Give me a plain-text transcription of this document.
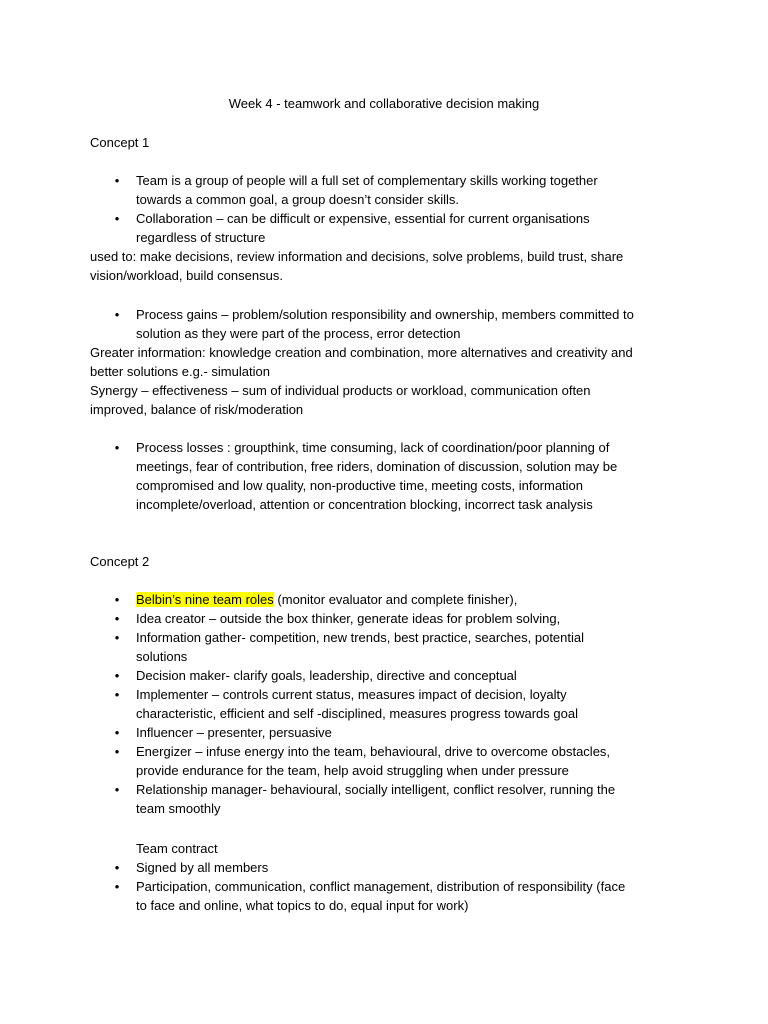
Week 4 - teamwork and collaborative decision making
Concept 1
• Team is a group of people will a full set of complementary skills working together
towards a common goal, a group doesn’t consider skills.
• Collaboration – can be difficult or expensive, essential for current organisations
regardless of structure
used to: make decisions, review information and decisions, solve problems, build trust, share
vision/workload, build consensus.
• Process gains – problem/solution responsibility and ownership, members committed to
solution as they were part of the process, error detection
Greater information: knowledge creation and combination, more alternatives and creativity and
better solutions e.g.- simulation
Synergy – effectiveness – sum of individual products or workload, communication often
improved, balance of risk/moderation
• Process losses : groupthink, time consuming, lack of coordination/poor planning of
meetings, fear of contribution, free riders, domination of discussion, solution may be
compromised and low quality, non-productive time, meeting costs, information
incomplete/overload, attention or concentration blocking, incorrect task analysis
Concept 2
• Belbin’s nine team roles (monitor evaluator and complete finisher),
• Idea creator – outside the box thinker, generate ideas for problem solving,
• Information gather- competition, new trends, best practice, searches, potential
solutions
• Decision maker- clarify goals, leadership, directive and conceptual
• Implementer – controls current status, measures impact of decision, loyalty
characteristic, efficient and self -disciplined, measures progress towards goal
• Influencer – presenter, persuasive
• Energizer – infuse energy into the team, behavioural, drive to overcome obstacles,
provide endurance for the team, help avoid struggling when under pressure
• Relationship manager- behavioural, socially intelligent, conflict resolver, running the
team smoothly
Team contract
• Signed by all members
• Participation, communication, conflict management, distribution of responsibility (face
to face and online, what topics to do, equal input for work)
